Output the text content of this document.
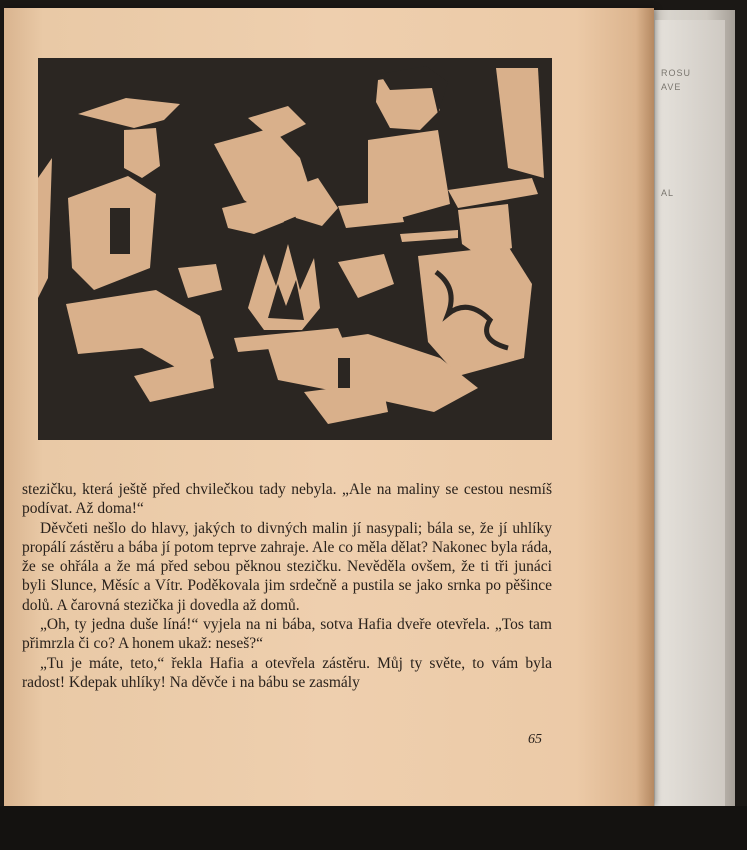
ROSU
AVE
AL

stezičku, která ještě před chvilečkou tady nebyla. „Ale na maliny se cestou nesmíš podívat. Až doma!“

Děvčeti nešlo do hlavy, jakých to divných malin jí nasypali; bála se, že jí uhlíky propálí zástěru a bába jí potom teprve zahraje. Ale co měla dělat? Nakonec byla ráda, že se ohřála a že má před sebou pěknou stezičku. Nevěděla ovšem, že ti tři junáci byli Slunce, Měsíc a Vítr. Poděkovala jim srdečně a pustila se jako srnka po pěšince dolů. A čarovná stezička ji dovedla až domů.

„Oh, ty jedna duše líná!“ vyjela na ni bába, sotva Hafia dveře otevřela. „Tos tam přimrzla či co? A honem ukaž: neseš?“

„Tu je máte, teto,“ řekla Hafia a otevřela zástěru. Můj ty světe, to vám byla radost! Kdepak uhlíky! Na děvče i na bábu se zasmály

65
